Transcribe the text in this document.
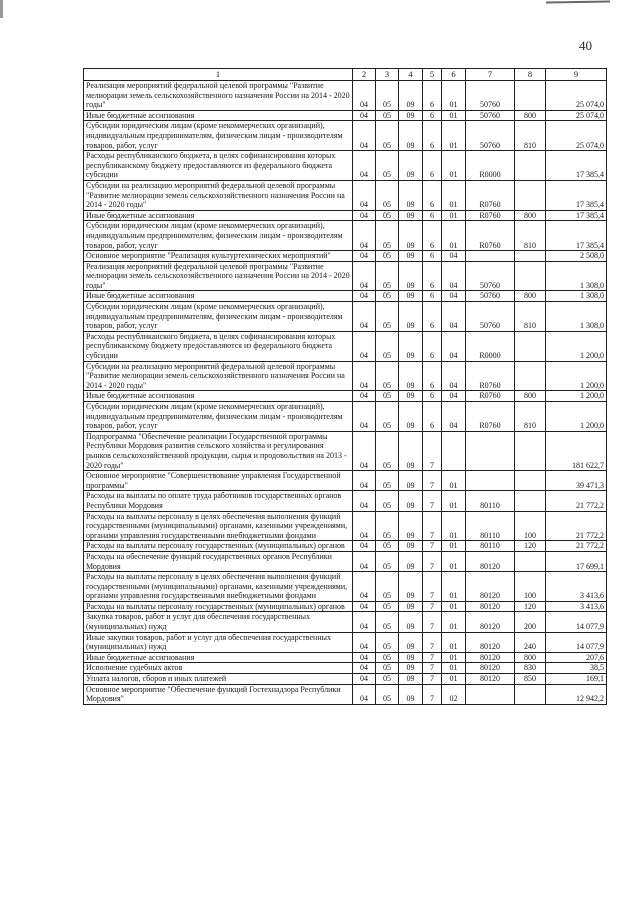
40
1	2	3	4	5	6	7	8	9
Реализация мероприятий федеральной целевой программы "Развитие мелиорации земель сельскохозяйственного назначения России на 2014 - 2020 годы"	04	05	09	6	01	50760		25 074,0
Иные бюджетные ассигнования	04	05	09	6	01	50760	800	25 074,0
Субсидии юридическим лицам (кроме некоммерческих организаций), индивидуальным предпринимателям, физическим лицам - производителям товаров, работ, услуг	04	05	09	6	01	50760	810	25 074,0
Расходы республиканского бюджета, в целях софинансирования которых республиканскому бюджету предоставляются из федерального бюджета субсидии	04	05	09	6	01	R0000		17 385,4
Субсидии на реализацию мероприятий федеральной целевой программы "Развитие мелиорации земель сельскохозяйственного назначения России на 2014 - 2020 годы"	04	05	09	6	01	R0760		17 385,4
Иные бюджетные ассигнования	04	05	09	6	01	R0760	800	17 385,4
Субсидии юридическим лицам (кроме некоммерческих организаций), индивидуальным предпринимателям, физическим лицам - производителям товаров, работ, услуг	04	05	09	6	01	R0760	810	17 385,4
Основное мероприятие "Реализация культуртехнических мероприятий"	04	05	09	6	04			2 508,0
Реализация мероприятий федеральной целевой программы "Развитие мелиорации земель сельскохозяйственного назначения России на 2014 - 2020 годы"	04	05	09	6	04	50760		1 308,0
Иные бюджетные ассигнования	04	05	09	6	04	50760	800	1 308,0
Субсидии юридическим лицам (кроме некоммерческих организаций), индивидуальным предпринимателям, физическим лицам - производителям товаров, работ, услуг	04	05	09	6	04	50760	810	1 308,0
Расходы республиканского бюджета, в целях софинансирования которых республиканскому бюджету предоставляются из федерального бюджета субсидии	04	05	09	6	04	R0000		1 200,0
Субсидии на реализацию мероприятий федеральной целевой программы "Развитие мелиорации земель сельскохозяйственного назначения России на 2014 - 2020 годы"	04	05	09	6	04	R0760		1 200,0
Иные бюджетные ассигнования	04	05	09	6	04	R0760	800	1 200,0
Субсидии юридическим лицам (кроме некоммерческих организаций), индивидуальным предпринимателям, физическим лицам - производителям товаров, работ, услуг	04	05	09	6	04	R0760	810	1 200,0
Подпрограмма "Обеспечение реализации Государственной программы Республики Мордовия развития сельского хозяйства и регулирования рынков сельскохозяйственной продукции, сырья и продовольствия на 2013 - 2020 годы"	04	05	09	7				181 622,7
Основное мероприятие "Совершенствование управления Государственной программы"	04	05	09	7	01			39 471,3
Расходы на выплаты по оплате труда работников государственных органов Республики Мордовия	04	05	09	7	01	80110		21 772,2
Расходы на выплаты персоналу в целях обеспечения выполнения функций государственными (муниципальными) органами, казенными учреждениями, органами управления государственными внебюджетными фондами	04	05	09	7	01	80110	100	21 772,2
Расходы на выплаты персоналу государственных (муниципальных) органов	04	05	09	7	01	80110	120	21 772,2
Расходы на обеспечение функций государственных органов Республики Мордовия	04	05	09	7	01	80120		17 699,1
Расходы на выплаты персоналу в целях обеспечения выполнения функций государственными (муниципальными) органами, казенными учреждениями, органами управления государственными внебюджетными фондами	04	05	09	7	01	80120	100	3 413,6
Расходы на выплаты персоналу государственных (муниципальных) органов	04	05	09	7	01	80120	120	3 413,6
Закупка товаров, работ и услуг для обеспечения государственных (муниципальных) нужд	04	05	09	7	01	80120	200	14 077,9
Иные закупки товаров, работ и услуг для обеспечения государственных (муниципальных) нужд	04	05	09	7	01	80120	240	14 077,9
Иные бюджетные ассигнования	04	05	09	7	01	80120	800	207,6
Исполнение судебных актов	04	05	09	7	01	80120	830	38,5
Уплата налогов, сборов и иных платежей	04	05	09	7	01	80120	850	169,1
Основное мероприятие "Обеспечение функций Гостехнадзора Республики Мордовия"	04	05	09	7	02			12 942,2
